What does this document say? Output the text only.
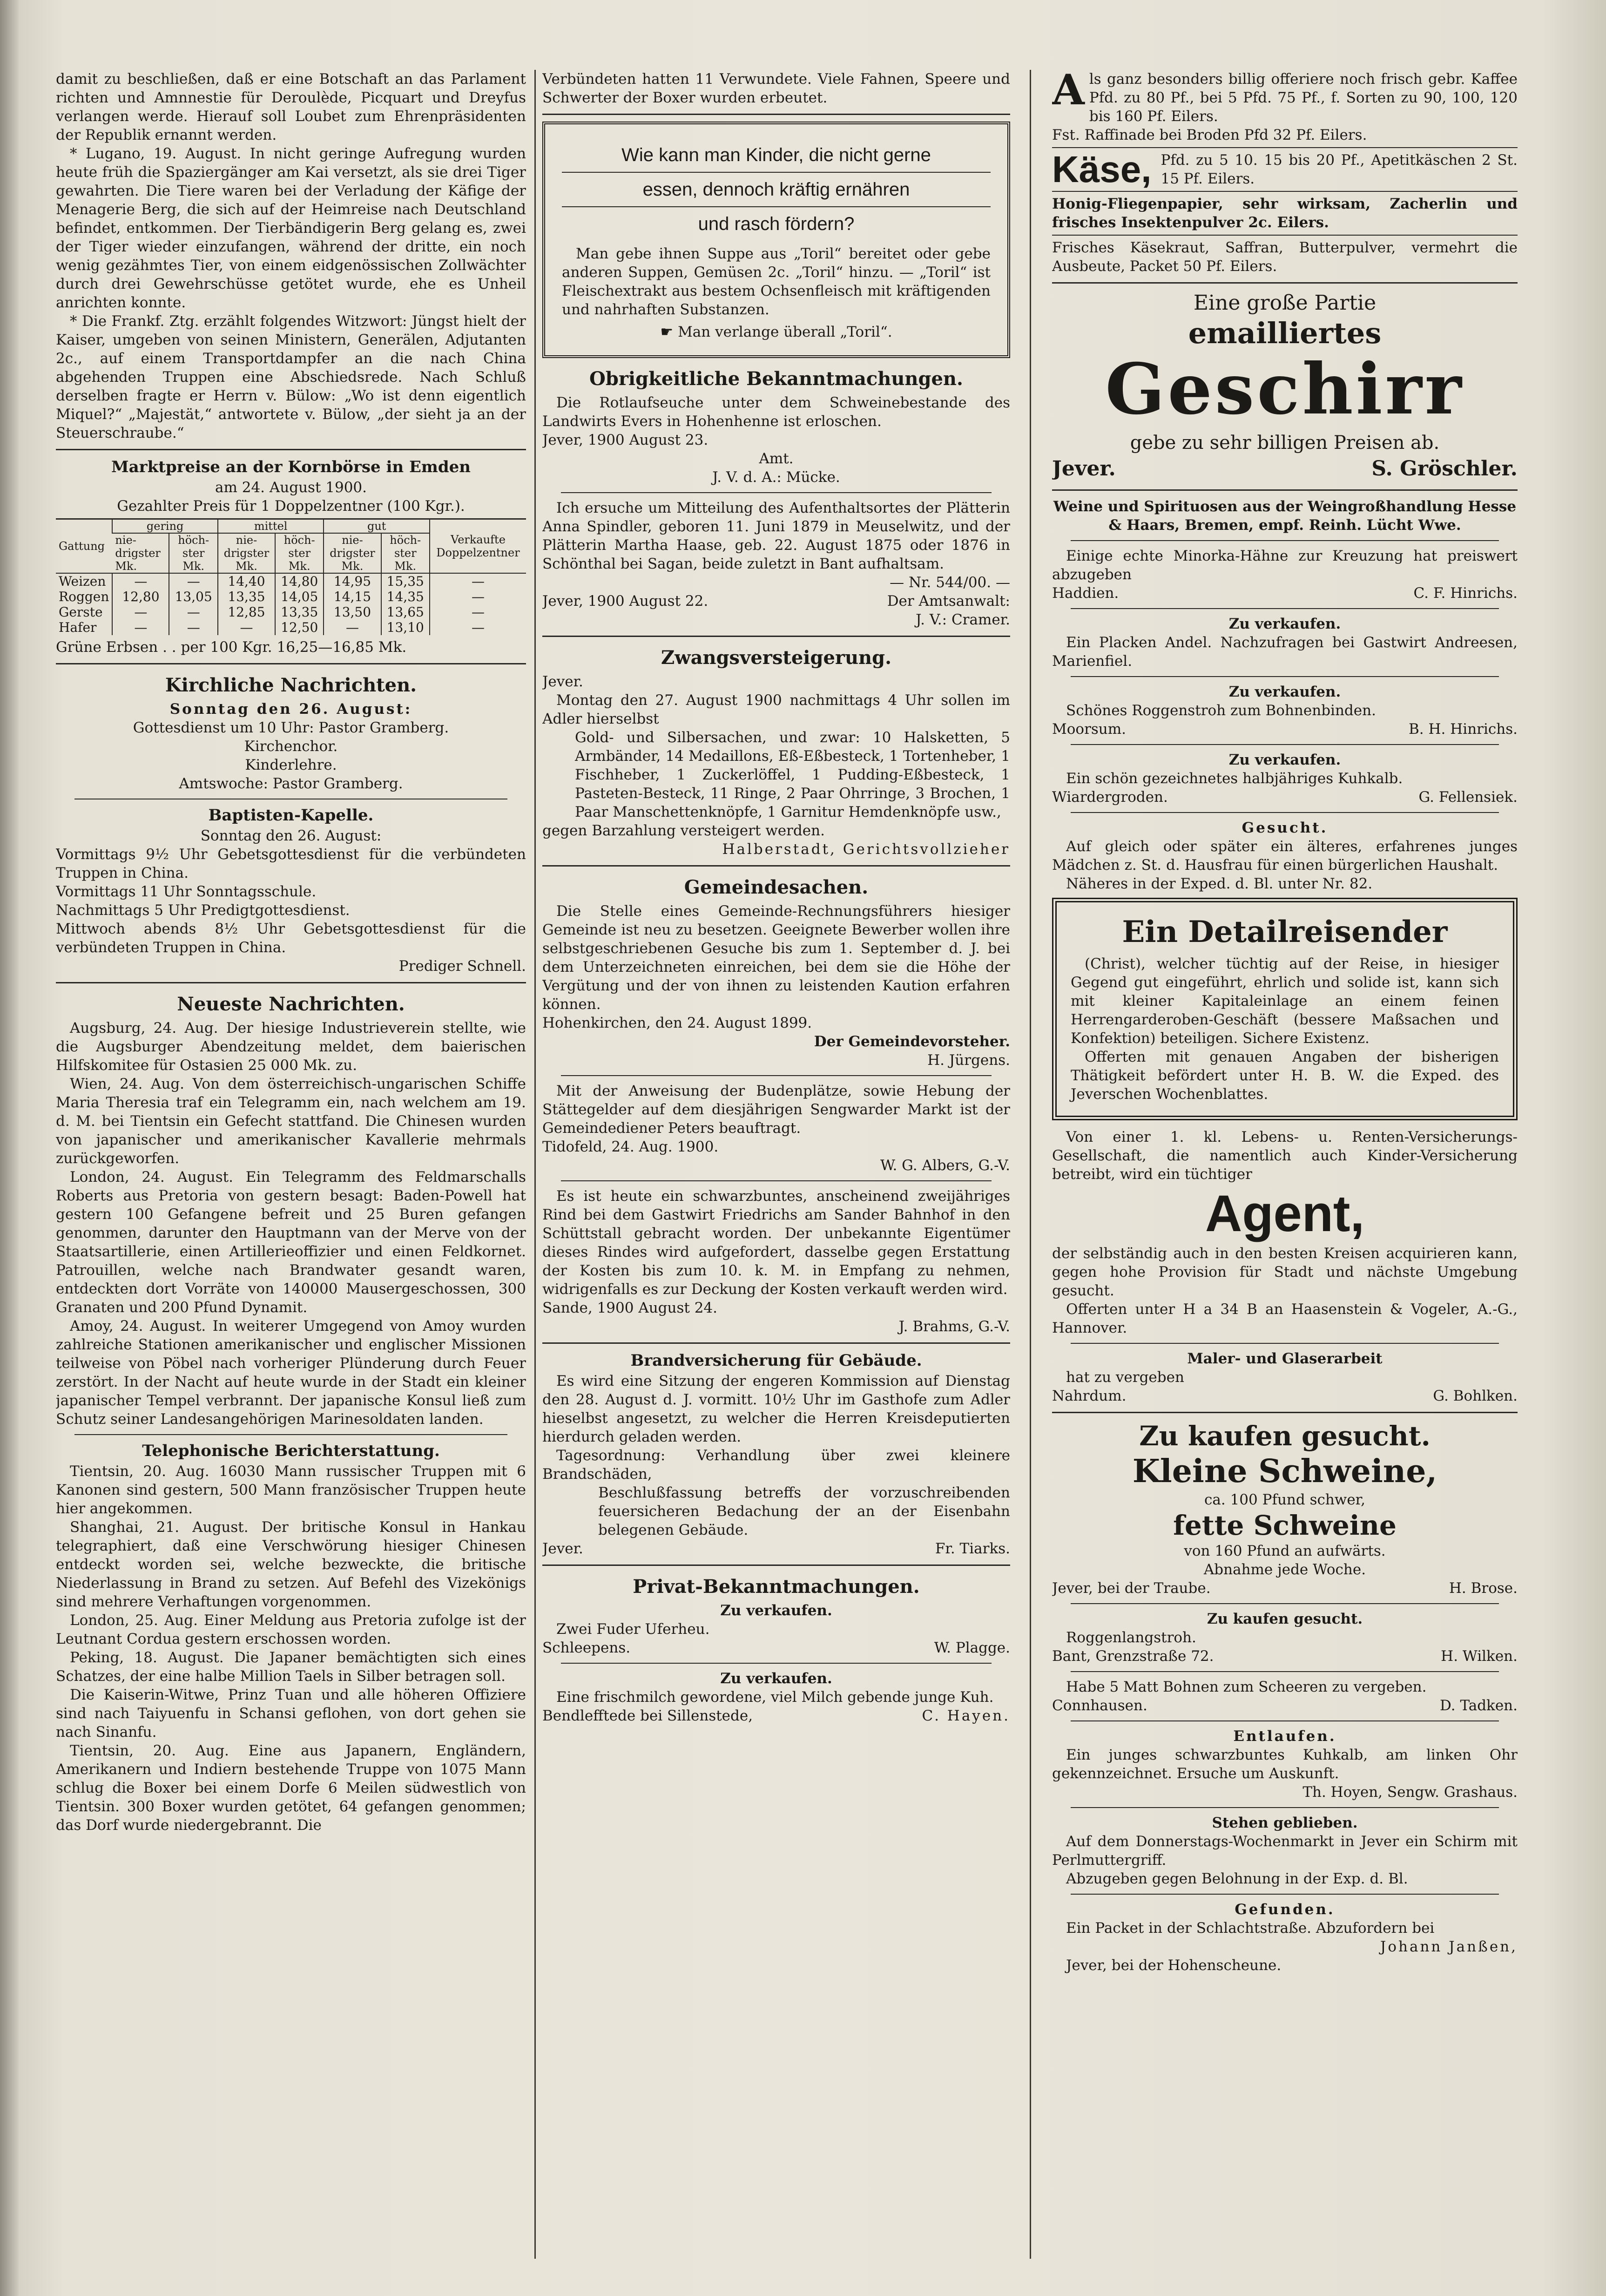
damit zu beschließen, daß er eine Botschaft an das Parlament richten und Amnnestie für Deroulède, Picquart und Dreyfus verlangen werde. Hierauf soll Loubet zum Ehrenpräsidenten der Republik ernannt werden.

* Lugano, 19. August. In nicht geringe Aufregung wurden heute früh die Spaziergänger am Kai versetzt, als sie drei Tiger gewahrten. Die Tiere waren bei der Verladung der Käfige der Menagerie Berg, die sich auf der Heimreise nach Deutschland befindet, entkommen. Der Tierbändigerin Berg gelang es, zwei der Tiger wieder einzufangen, während der dritte, ein noch wenig gezähmtes Tier, von einem eidgenössischen Zollwächter durch drei Gewehrschüsse getötet wurde, ehe es Unheil anrichten konnte.

* Die Frankf. Ztg. erzählt folgendes Witzwort: Jüngst hielt der Kaiser, umgeben von seinen Ministern, Generälen, Adjutanten 2c., auf einem Transportdampfer an die nach China abgehenden Truppen eine Abschiedsrede. Nach Schluß derselben fragte er Herrn v. Bülow: „Wo ist denn eigentlich Miquel?“ „Majestät,“ antwortete v. Bülow, „der sieht ja an der Steuerschraube.“

Marktpreise an der Kornbörse in Emden

am 24. August 1900.

Gezahlter Preis für 1 Doppelzentner (100 Kgr.).

Gattung	gering		mittel		gut		Verkaufte Doppelzentner
	nie-drigster Mk.	höch-ster Mk.	nie-drigster Mk.	höch-ster Mk.	nie-drigster Mk.	höch-ster Mk.	
Weizen	—	—	14,40	14,80	14,95	15,35	—
Roggen	12,80	13,05	13,35	14,05	14,15	14,35	—
Gerste	—	—	12,85	13,35	13,50	13,65	—
Hafer	—	—	—	12,50	—	13,10	—

Grüne Erbsen . . per 100 Kgr. 16,25—16,85 Mk.

Kirchliche Nachrichten.

Sonntag den 26. August:

Gottesdienst um 10 Uhr: Pastor Gramberg.

Kirchenchor.

Kinderlehre.

Amtswoche: Pastor Gramberg.

Baptisten-Kapelle.

Sonntag den 26. August:

Vormittags 9½ Uhr Gebetsgottesdienst für die verbündeten Truppen in China.

Vormittags 11 Uhr Sonntagsschule.

Nachmittags 5 Uhr Predigtgottesdienst.

Mittwoch abends 8½ Uhr Gebetsgottesdienst für die verbündeten Truppen in China.

Prediger Schnell.

Neueste Nachrichten.

Augsburg, 24. Aug. Der hiesige Industrieverein stellte, wie die Augsburger Abendzeitung meldet, dem baierischen Hilfskomitee für Ostasien 25 000 Mk. zu.

Wien, 24. Aug. Von dem österreichisch-ungarischen Schiffe Maria Theresia traf ein Telegramm ein, nach welchem am 19. d. M. bei Tientsin ein Gefecht stattfand. Die Chinesen wurden von japanischer und amerikanischer Kavallerie mehrmals zurückgeworfen.

London, 24. August. Ein Telegramm des Feldmarschalls Roberts aus Pretoria von gestern besagt: Baden-Powell hat gestern 100 Gefangene befreit und 25 Buren gefangen genommen, darunter den Hauptmann van der Merve von der Staatsartillerie, einen Artillerieoffizier und einen Feldkornet. Patrouillen, welche nach Brandwater gesandt waren, entdeckten dort Vorräte von 140000 Mausergeschossen, 300 Granaten und 200 Pfund Dynamit.

Amoy, 24. August. In weiterer Umgegend von Amoy wurden zahlreiche Stationen amerikanischer und englischer Missionen teilweise von Pöbel nach vorheriger Plünderung durch Feuer zerstört. In der Nacht auf heute wurde in der Stadt ein kleiner japanischer Tempel verbrannt. Der japanische Konsul ließ zum Schutz seiner Landesangehörigen Marinesoldaten landen.

Telephonische Berichterstattung.

Tientsin, 20. Aug. 16030 Mann russischer Truppen mit 6 Kanonen sind gestern, 500 Mann französischer Truppen heute hier angekommen.

Shanghai, 21. August. Der britische Konsul in Hankau telegraphiert, daß eine Verschwörung hiesiger Chinesen entdeckt worden sei, welche bezweckte, die britische Niederlassung in Brand zu setzen. Auf Befehl des Vizekönigs sind mehrere Verhaftungen vorgenommen.

London, 25. Aug. Einer Meldung aus Pretoria zufolge ist der Leutnant Cordua gestern erschossen worden.

Peking, 18. August. Die Japaner bemächtigten sich eines Schatzes, der eine halbe Million Taels in Silber betragen soll.

Die Kaiserin-Witwe, Prinz Tuan und alle höheren Offiziere sind nach Taiyuenfu in Schansi geflohen, von dort gehen sie nach Sinanfu.

Tientsin, 20. Aug. Eine aus Japanern, Engländern, Amerikanern und Indiern bestehende Truppe von 1075 Mann schlug die Boxer bei einem Dorfe 6 Meilen südwestlich von Tientsin. 300 Boxer wurden getötet, 64 gefangen genommen; das Dorf wurde niedergebrannt. Die

Verbündeten hatten 11 Verwundete. Viele Fahnen, Speere und Schwerter der Boxer wurden erbeutet.

Wie kann man Kinder, die nicht gerne
essen, dennoch kräftig ernähren
und rasch fördern?

Man gebe ihnen Suppe aus „Toril“ bereitet oder gebe anderen Suppen, Gemüsen 2c. „Toril“ hinzu. — „Toril“ ist Fleischextrakt aus bestem Ochsenfleisch mit kräftigenden und nahrhaften Substanzen.

☛ Man verlange überall „Toril“.

Obrigkeitliche Bekanntmachungen.

Die Rotlaufseuche unter dem Schweinebestande des Landwirts Evers in Hohenhenne ist erloschen.

Jever, 1900 August 23.

Amt.

J. V. d. A.: Mücke.

Ich ersuche um Mitteilung des Aufenthaltsortes der Plätterin Anna Spindler, geboren 11. Juni 1879 in Meuselwitz, und der Plätterin Martha Haase, geb. 22. August 1875 oder 1876 in Schönthal bei Sagan, beide zuletzt in Bant aufhaltsam.

— Nr. 544/00. —

Jever, 1900 August 22.	Der Amtsanwalt:

J. V.: Cramer.

Zwangsversteigerung.

Jever.

Montag den 27. August 1900 nachmittags 4 Uhr sollen im Adler hierselbst

Gold- und Silbersachen, und zwar: 10 Halsketten, 5 Armbänder, 14 Medaillons, Eß-Eßbesteck, 1 Tortenheber, 1 Fischheber, 1 Zuckerlöffel, 1 Pudding-Eßbesteck, 1 Pasteten-Besteck, 11 Ringe, 2 Paar Ohrringe, 3 Brochen, 1 Paar Manschettenknöpfe, 1 Garnitur Hemdenknöpfe usw.,

gegen Barzahlung versteigert werden.

Halberstadt, Gerichtsvollzieher

Gemeindesachen.

Die Stelle eines Gemeinde-Rechnungsführers hiesiger Gemeinde ist neu zu besetzen. Geeignete Bewerber wollen ihre selbstgeschriebenen Gesuche bis zum 1. September d. J. bei dem Unterzeichneten einreichen, bei dem sie die Höhe der Vergütung und der von ihnen zu leistenden Kaution erfahren können.

Hohenkirchen, den 24. August 1899.

Der Gemeindevorsteher.

H. Jürgens.

Mit der Anweisung der Budenplätze, sowie Hebung der Stättegelder auf dem diesjährigen Sengwarder Markt ist der Gemeindediener Peters beauftragt.

Tidofeld, 24. Aug. 1900.

W. G. Albers, G.-V.

Es ist heute ein schwarzbuntes, anscheinend zweijähriges Rind bei dem Gastwirt Friedrichs am Sander Bahnhof in den Schüttstall gebracht worden. Der unbekannte Eigentümer dieses Rindes wird aufgefordert, dasselbe gegen Erstattung der Kosten bis zum 10. k. M. in Empfang zu nehmen, widrigenfalls es zur Deckung der Kosten verkauft werden wird.

Sande, 1900 August 24.

J. Brahms, G.-V.

Brandversicherung für Gebäude.

Es wird eine Sitzung der engeren Kommission auf Dienstag den 28. August d. J. vormitt. 10½ Uhr im Gasthofe zum Adler hieselbst angesetzt, zu welcher die Herren Kreisdeputierten hierdurch geladen werden.

Tagesordnung: Verhandlung über zwei kleinere Brandschäden,

Beschlußfassung betreffs der vorzuschreibenden feuersicheren Bedachung der an der Eisenbahn belegenen Gebäude.

Jever.	Fr. Tiarks.
Privat-Bekanntmachungen.

Zu verkaufen.

Zwei Fuder Uferheu.

Schleepens.	W. Plagge.

Zu verkaufen.

Eine frischmilch gewordene, viel Milch gebende junge Kuh.

Bendlefftede bei Sillenstede,	C. Hayen.
A ls ganz besonders billig offeriere noch frisch gebr. Kaffee Pfd. zu 80 Pf., bei 5 Pfd. 75 Pf., f. Sorten zu 90, 100, 120 bis 160 Pf. Eilers.

Fst. Raffinade bei Broden Pfd 32 Pf. Eilers.

Käse, Pfd. zu 5 10. 15 bis 20 Pf., Apetitkäschen 2 St. 15 Pf. Eilers.

Honig-Fliegenpapier, sehr wirksam, Zacherlin und frisches Insektenpulver 2c. Eilers.

Frisches Käsekraut, Saffran, Butterpulver, vermehrt die Ausbeute, Packet 50 Pf. Eilers.

Eine große Partie

emailliertes

Geschirr

gebe zu sehr billigen Preisen ab.

Jever.	S. Gröschler.

Weine und Spirituosen aus der Weingroßhandlung Hesse & Haars, Bremen, empf. Reinh. Lücht Wwe.

Einige echte Minorka-Hähne zur Kreuzung hat preiswert abzugeben

Haddien.	C. F. Hinrichs.

Zu verkaufen.

Ein Placken Andel. Nachzufragen bei Gastwirt Andreesen, Marienfiel.

Zu verkaufen.

Schönes Roggenstroh zum Bohnenbinden.

Moorsum.	B. H. Hinrichs.

Zu verkaufen.

Ein schön gezeichnetes halbjähriges Kuhkalb.

Wiardergroden.	G. Fellensiek.

Gesucht.

Auf gleich oder später ein älteres, erfahrenes junges Mädchen z. St. d. Hausfrau für einen bürgerlichen Haushalt.

Näheres in der Exped. d. Bl. unter Nr. 82.

Ein Detailreisender

(Christ), welcher tüchtig auf der Reise, in hiesiger Gegend gut eingeführt, ehrlich und solide ist, kann sich mit kleiner Kapitaleinlage an einem feinen Herrengarderoben-Geschäft (bessere Maßsachen und Konfektion) beteiligen. Sichere Existenz.

Offerten mit genauen Angaben der bisherigen Thätigkeit befördert unter H. B. W. die Exped. des Jeverschen Wochenblattes.

Von einer 1. kl. Lebens- u. Renten-Versicherungs-Gesellschaft, die namentlich auch Kinder-Versicherung betreibt, wird ein tüchtiger

Agent,

der selbständig auch in den besten Kreisen acquirieren kann, gegen hohe Provision für Stadt und nächste Umgebung gesucht.

Offerten unter H a 34 B an Haasenstein & Vogeler, A.-G., Hannover.

Maler- und Glaserarbeit

hat zu vergeben

Nahrdum.	G. Bohlken.

Zu kaufen gesucht.

Kleine Schweine,

ca. 100 Pfund schwer,

fette Schweine

von 160 Pfund an aufwärts.

Abnahme jede Woche.

Jever, bei der Traube.	H. Brose.

Zu kaufen gesucht.

Roggenlangstroh.

Bant, Grenzstraße 72.	H. Wilken.

Habe 5 Matt Bohnen zum Scheeren zu vergeben.

Connhausen.	D. Tadken.

Entlaufen.

Ein junges schwarzbuntes Kuhkalb, am linken Ohr gekennzeichnet. Ersuche um Auskunft.

Th. Hoyen, Sengw. Grashaus.

Stehen geblieben.

Auf dem Donnerstags-Wochenmarkt in Jever ein Schirm mit Perlmuttergriff.

Abzugeben gegen Belohnung in der Exp. d. Bl.

Gefunden.

Ein Packet in der Schlachtstraße. Abzufordern bei

Johann Janßen,

Jever, bei der Hohenscheune.
